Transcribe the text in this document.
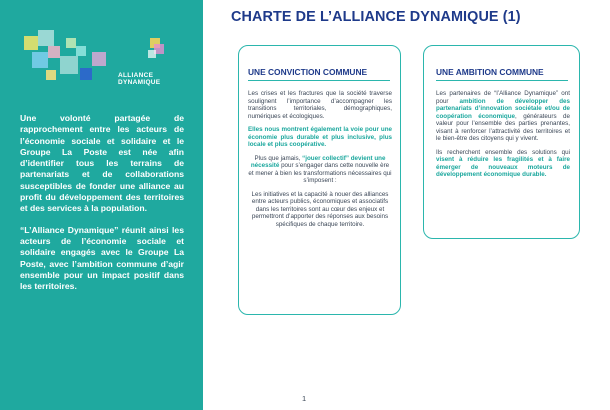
ALLIANCE
DYNAMIQUE

Une volonté partagée de rapprochement entre les acteurs de l’économie sociale et solidaire et le Groupe La Poste est née afin d’identifier tous les terrains de partenariats et de collaborations susceptibles de fonder une alliance au profit du développement des territoires et des services à la population.

“L’Alliance Dynamique” réunit ainsi les acteurs de l’économie sociale et solidaire engagés avec le Groupe La Poste, avec l’ambition commune d’agir ensemble pour un impact positif dans les territoires.

CHARTE DE L’ALLIANCE DYNAMIQUE (1)
UNE CONVICTION COMMUNE

Les crises et les fractures que la société traverse soulignent l’importance d’accompagner les transitions territoriales, démographiques, numériques et écologiques.

Elles nous montrent également la voie pour une économie plus durable et plus inclusive, plus locale et plus coopérative.

Plus que jamais, “jouer collectif” devient une nécessité pour s’engager dans cette nouvelle ère et mener à bien les transformations nécessaires qui s’imposent :

Les initiatives et la capacité à nouer des alliances entre acteurs publics, économiques et associatifs dans les territoires sont au cœur des enjeux et permettront d’apporter des réponses aux besoins spécifiques de chaque territoire.

UNE AMBITION COMMUNE

Les partenaires de “l’Alliance Dynamique” ont pour ambition de développer des partenariats d’innovation sociétale et/ou de coopération économique, générateurs de valeur pour l’ensemble des parties prenantes, visant à renforcer l’attractivité des territoires et le bien-être des citoyens qui y vivent.

Ils recherchent ensemble des solutions qui visent à réduire les fragilités et à faire émerger de nouveaux moteurs de développement économique durable.

1
